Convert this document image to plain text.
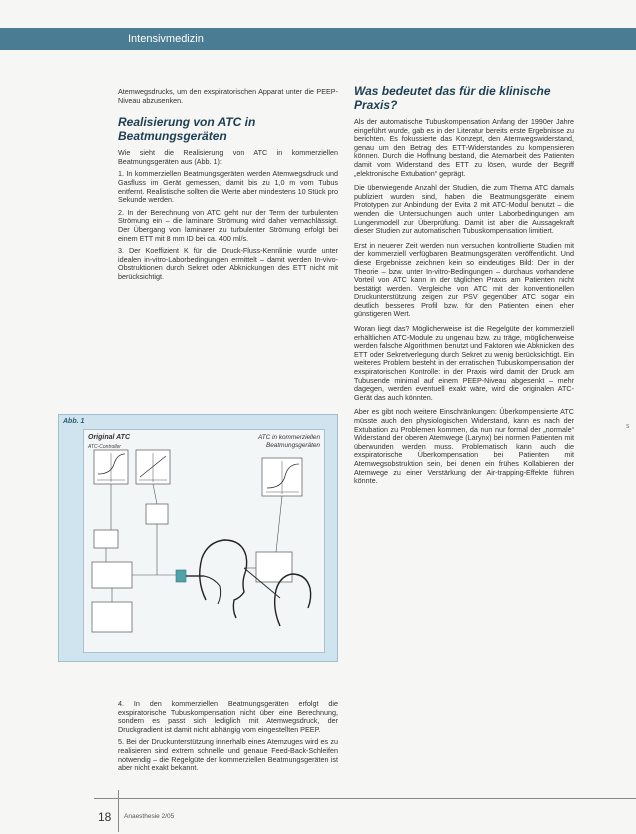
Intensivmedizin

Atemwegsdrucks, um den exspiratorischen Apparat unter die PEEP-Niveau abzusenken.

Realisierung von ATC in Beatmungsgeräten

Wie sieht die Realisierung von ATC in kommerziellen Beatmungsgeräten aus (Abb. 1):

1. In kommerziellen Beatmungsgeräten werden Atemwegsdruck und Gasfluss im Gerät gemessen, damit bis zu 1,0 m vom Tubus entfernt. Realistische sollten die Werte aber mindestens 10 Stück pro Sekunde werden.

2. In der Berechnung von ATC geht nur der Term der turbulenten Strömung ein – die laminare Strömung wird daher vernachlässigt. Der Übergang von laminarer zu turbulenter Strömung erfolgt bei einem ETT mit 8 mm ID bei ca. 400 ml/s.

3. Der Koeffizient K für die Druck-Fluss-Kennlinie wurde unter idealen in-vitro-Laborbedingungen ermittelt – damit werden In-vivo-Obstruktionen durch Sekret oder Abknickungen des ETT nicht mit berücksichtigt.

Abb. 1
Original ATC	ATC in kommerziellen Beatmungsgeräten
ATC-Controller

4. In den kommerziellen Beatmungsgeräten erfolgt die exspiratorische Tubuskompensation nicht über eine Berechnung, sondern es passt sich lediglich mit Atemwegsdruck, der Druckgradient ist damit nicht abhängig vom eingestellten PEEP.

5. Bei der Druckunterstützung innerhalb eines Atemzuges wird es zu realisieren sind extrem schnelle und genaue Feed-Back-Schleifen notwendig – die Regelgüte der kommerziellen Beatmungsgeräten ist aber nicht exakt bekannt.

Was bedeutet das für die klinische Praxis?

Als der automatische Tubuskompensation Anfang der 1990er Jahre eingeführt wurde, gab es in der Literatur bereits erste Ergebnisse zu berichten. Es fokussierte das Konzept, den Atemwegswiderstand, genau um den Betrag des ETT-Widerstandes zu kompensieren können. Durch die Hoffnung bestand, die Atemarbeit des Patienten damit vom Widerstand des ETT zu lösen, wurde der Begriff „elektronische Extubation“ geprägt.

Die überwiegende Anzahl der Studien, die zum Thema ATC damals publiziert wurden sind, haben die Beatmungsgeräte einem Prototypen zur Anbindung der Evita 2 mit ATC-Modul benutzt – die wenden die Untersuchungen auch unter Laborbedingungen am Lungenmodell zur Überprüfung. Damit ist aber die Aussagekraft dieser Studien zur automatischen Tubuskompensation limitiert.

Erst in neuerer Zeit werden nun versuchen kontrollierte Studien mit der kommerziell verfügbaren Beatmungsgeräten veröffentlicht. Und diese Ergebnisse zeichnen kein so eindeutiges Bild: Der in der Theorie – bzw. unter In-vitro-Bedingungen – durchaus vorhandene Vorteil von ATC kann in der täglichen Praxis am Patienten nicht bestätigt werden. Vergleiche von ATC mit der konventionellen Druckunterstützung zeigen zur PSV gegenüber ATC sogar ein deutlich besseres Profil bzw. für den Patienten einen eher günstigeren Wert.

Woran liegt das? Möglicherweise ist die Regelgüte der kommerziell erhältlichen ATC-Module zu ungenau bzw. zu träge, möglicherweise werden falsche Algorithmen benutzt und Faktoren wie Abknicken des ETT oder Sekretverlegung durch Sekret zu wenig berücksichtigt. Ein weiteres Problem besteht in der erratischen Tubuskompensation der exspiratorischen Kontrolle: in der Praxis wird damit der Druck am Tubusende minimal auf einem PEEP-Niveau abgesenkt – mehr dagegen, werden eventuell exakt wäre, wird die originalen ATC-Gerät das auch könnten.

Aber es gibt noch weitere Einschränkungen: Überkompensierte ATC müsste auch den physiologischen Widerstand, kann es nach der Extubation zu Problemen kommen, da nun nur formal der „normale“ Widerstand der oberen Atemwege (Larynx) bei normen Patienten mit überwunden werden muss. Problematisch kann auch die exspiratorische Überkompensation bei Patienten mit Atemwegsobstruktion sein, bei denen ein frühes Kollabieren der Atemwege zu einer Verstärkung der Air-trapping-Effekte führen könnte.

18 Anaesthesie 2/05
S
